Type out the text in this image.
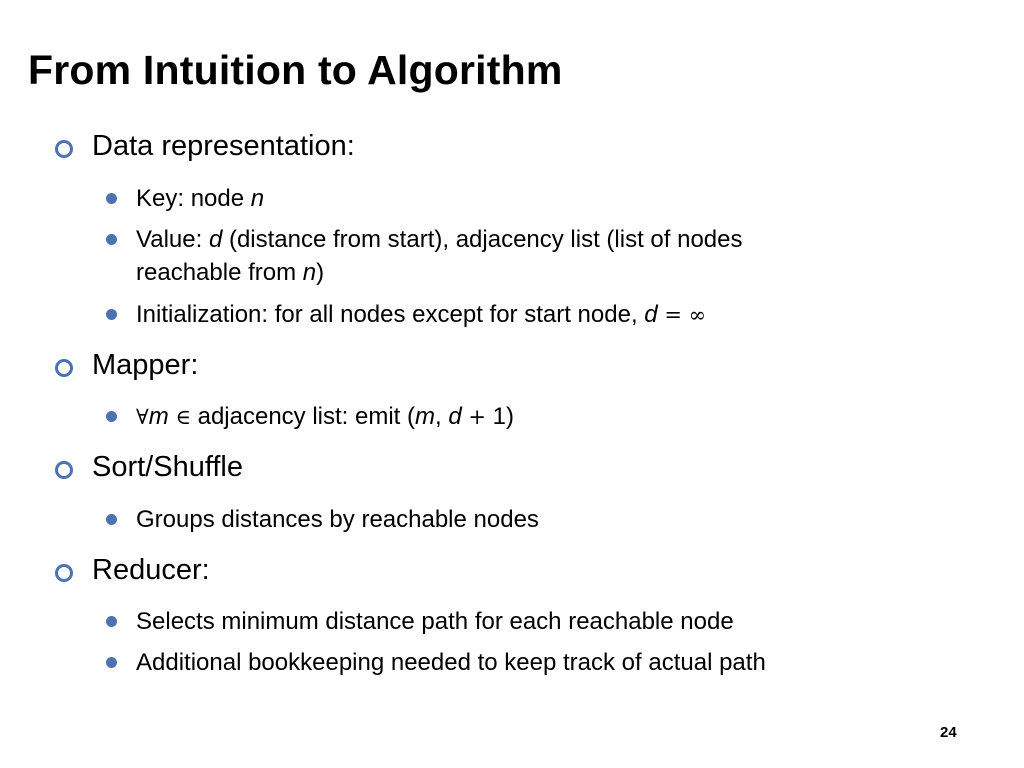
From Intuition to Algorithm
Data representation:
Key: node n
Value: d (distance from start), adjacency list (list of nodes
reachable from n)
Initialization: for all nodes except for start node, d = ∞
Mapper:
∀m ∈ adjacency list: emit (m, d + 1)
Sort/Shuffle
Groups distances by reachable nodes
Reducer:
Selects minimum distance path for each reachable node
Additional bookkeeping needed to keep track of actual path
24
